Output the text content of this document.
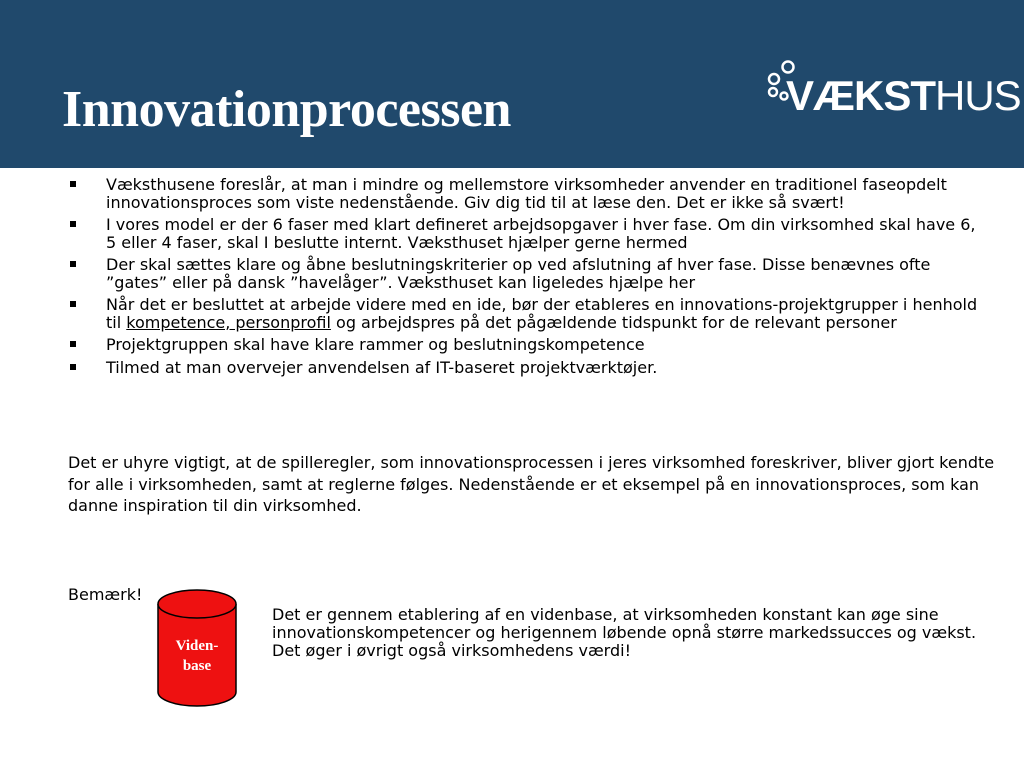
Innovationprocessen	VÆKSTHUS
Væksthusene foreslår, at man i mindre og mellemstore virksomheder anvender en traditionel faseopdelt innovationsproces som viste nedenstående. Giv dig tid til at læse den. Det er ikke så svært!
I vores model er der 6 faser med klart defineret arbejdsopgaver i hver fase. Om din virksomhed skal have 6, 5 eller 4 faser, skal I beslutte internt. Væksthuset hjælper gerne hermed
Der skal sættes klare og åbne beslutningskriterier op ved afslutning af hver fase. Disse benævnes ofte ”gates” eller på dansk ”havelåger”. Væksthuset kan ligeledes hjælpe her
Når det er besluttet at arbejde videre med en ide, bør der etableres en innovations-projektgrupper i henhold til kompetence, personprofil og arbejdspres på det pågældende tidspunkt for de relevant personer
Projektgruppen skal have klare rammer og beslutningskompetence
Tilmed at man overvejer anvendelsen af IT-baseret projektværktøjer.
Det er uhyre vigtigt, at de spilleregler, som innovationsprocessen i jeres virksomhed foreskriver, bliver gjort kendte for alle i virksomheden, samt at reglerne følges. Nedenstående er et eksempel på en innovationsproces, som kan danne inspiration til din virksomhed.
Bemærk!
Viden-
base
Det er gennem etablering af en videnbase, at virksomheden konstant kan øge sine innovationskompetencer og herigennem løbende opnå større markedssucces og vækst. Det øger i øvrigt også virksomhedens værdi!
